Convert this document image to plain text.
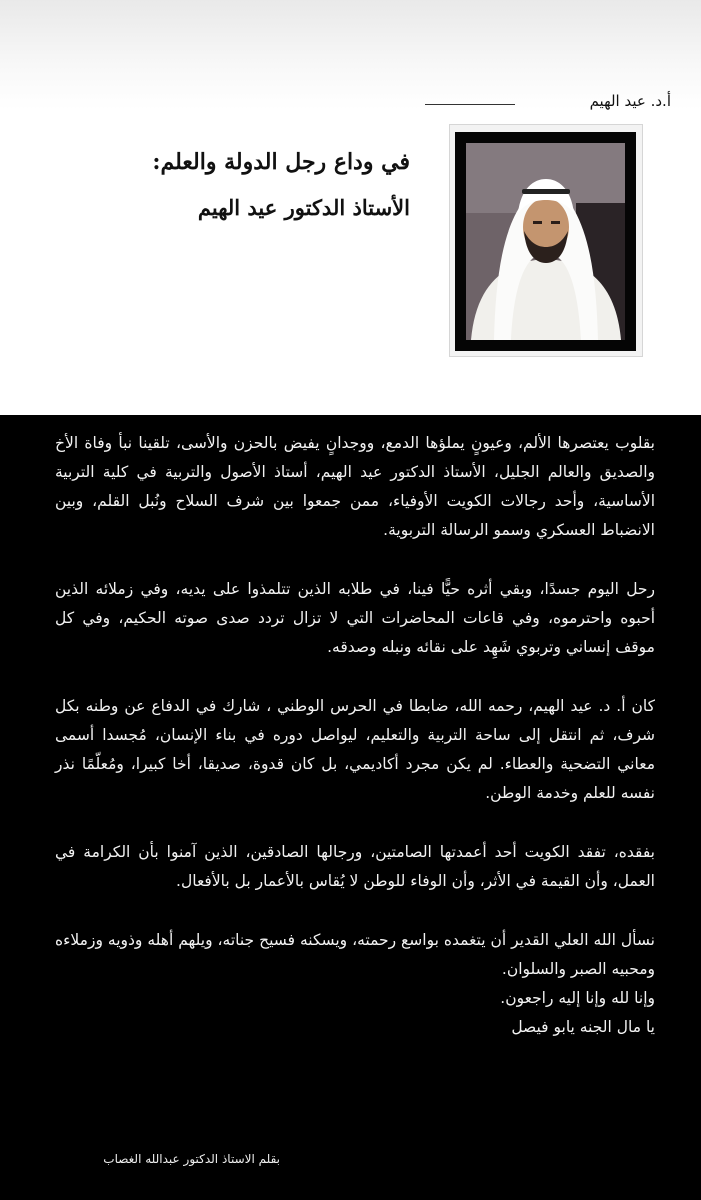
أ.د. عيد الهيم
في وداع رجل الدولة والعلم:
الأستاذ الدكتور عيد الهيم

بقلوب يعتصرها الألم، وعيونٍ يملؤها الدمع، ووجدانٍ يفيض بالحزن والأسى، تلقينا نبأ وفاة الأخ والصديق والعالم الجليل، الأستاذ الدكتور عيد الهيم، أستاذ الأصول والتربية في كلية التربية الأساسية، وأحد رجالات الكويت الأوفياء، ممن جمعوا بين شرف السلاح ونُبل القلم، وبين الانضباط العسكري وسمو الرسالة التربوية.

رحل اليوم جسدًا، وبقي أثره حيًّا فينا، في طلابه الذين تتلمذوا على يديه، وفي زملائه الذين أحبوه واحترموه، وفي قاعات المحاضرات التي لا تزال تردد صدى صوته الحكيم، وفي كل موقف إنساني وتربوي شَهِد على نقائه ونبله وصدقه.

كان أ. د. عيد الهيم، رحمه الله، ضابطا في الحرس الوطني ، شارك في الدفاع عن وطنه بكل شرف، ثم انتقل إلى ساحة التربية والتعليم، ليواصل دوره في بناء الإنسان، مُجسدا أسمى معاني التضحية والعطاء. لم يكن مجرد أكاديمي، بل كان قدوة، صديقا، أخا كبيرا، ومُعلّمًا نذر نفسه للعلم وخدمة الوطن.

بفقده، تفقد الكويت أحد أعمدتها الصامتين، ورجالها الصادقين، الذين آمنوا بأن الكرامة في العمل، وأن القيمة في الأثر، وأن الوفاء للوطن لا يُقاس بالأعمار بل بالأفعال.

نسأل الله العلي القدير أن يتغمده بواسع رحمته، ويسكنه فسيح جناته، ويلهم أهله وذويه وزملاءه ومحبيه الصبر والسلوان.

وإنا لله وإنا إليه راجعون.

يا مال الجنه يابو فيصل

بقلم الاستاذ الدكتور عبدالله الغصاب
